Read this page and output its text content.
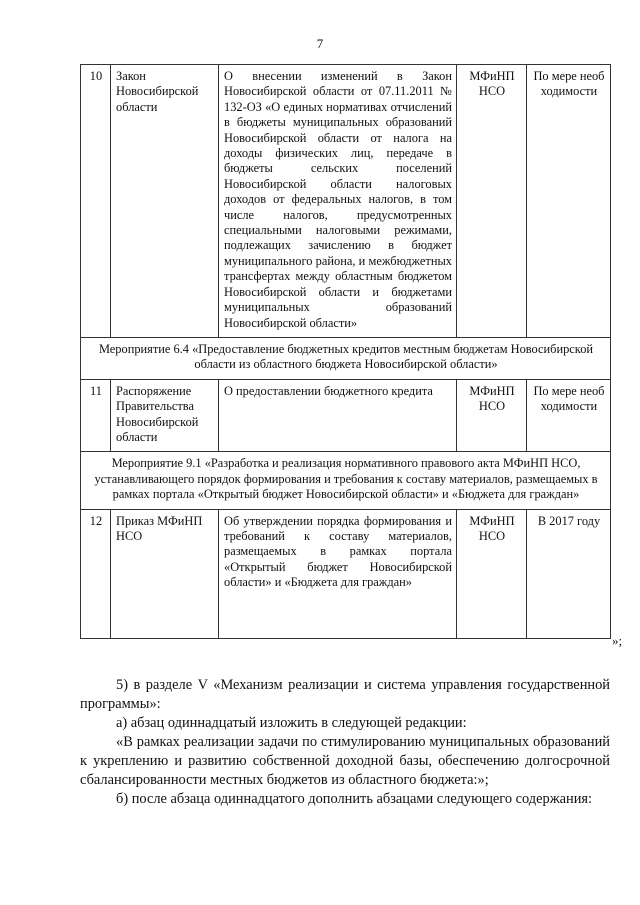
7
10	Закон Новосибирской области	О внесении изменений в Закон Новосибирской области от 07.11.2011 № 132-ОЗ «О единых нормативах отчислений в бюджеты муниципальных образований Новосибирской области от налога на доходы физических лиц, передаче в бюджеты сельских поселений Новосибирской области налоговых доходов от федеральных налогов, в том числе налогов, предусмотренных специальными налоговыми режимами, подлежащих зачислению в бюджет муниципального района, и межбюджетных трансфертах между областным бюджетом Новосибирской области и бюджетами муниципальных образований Новосибирской области»	МФиНП НСО	По мере необходимости
Мероприятие 6.4 «Предоставление бюджетных кредитов местным бюджетам Новосибирской области из областного бюджета Новосибирской области»				
11	Распоряжение Правительства Новосибирской области	О предоставлении бюджетного кредита	МФиНП НСО	По мере необходимости
Мероприятие 9.1 «Разработка и реализация нормативного правового акта МФиНП НСО, устанавливающего порядок формирования и требования к составу материалов, размещаемых в рамках портала «Открытый бюджет Новосибирской области» и «Бюджета для граждан»				
12	Приказ МФиНП НСО	Об утверждении порядка формирования и требований к составу материалов, размещаемых в рамках портала «Открытый бюджет Новосибирской области» и «Бюджета для граждан»	МФиНП НСО	В 2017 году
»;

5) в разделе V «Механизм реализации и система управления государственной программы»:

а) абзац одиннадцатый изложить в следующей редакции:

«В рамках реализации задачи по стимулированию муниципальных образований к укреплению и развитию собственной доходной базы, обеспечению долгосрочной сбалансированности местных бюджетов из областного бюджета:»;

б) после абзаца одиннадцатого дополнить абзацами следующего содержания:
